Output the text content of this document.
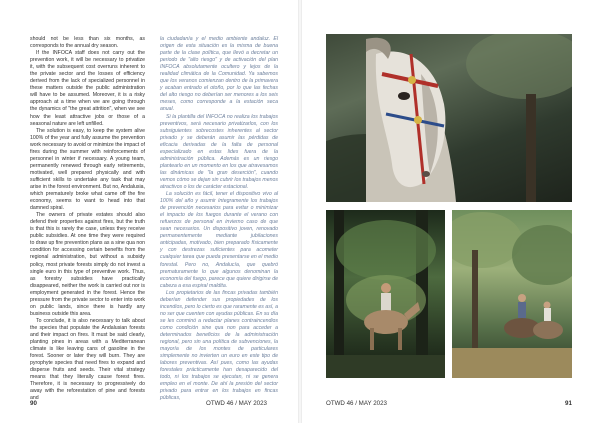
should not be less than six months, as corresponds to the annual dry season.

If the INFOCA staff does not carry out the prevention work, it will be necessary to privatize it, with the subsequent cost overruns inherent to the private sector and the losses of efficiency derived from the lack of specialized personnel in these matters outside the public administration will have to be assumed. Moreover, it is a risky approach at a time when we are going through the dynamics of "the great attrition", when we see how the least attractive jobs or those of a seasonal nature are left unfilled.

The solution is easy, to keep the system alive 100% of the year and fully assume the prevention work necessary to avoid or minimize the impact of fires during the summer with reinforcements of personnel in winter if necessary. A young team, permanently renewed through early retirements, motivated, well prepared physically and with sufficient skills to undertake any task that may arise in the forest environment. But no, Andalusia, which prematurely broke what came off the fire economy, seems to want to head into that damned spiral.

The owners of private estates should also defend their properties against fires, but the truth is that this is rarely the case, unless they receive public subsidies. At one time they were required to draw up fire prevention plans as a sine qua non condition for accessing certain benefits from the regional administration, but without a subsidy policy, most private forests simply do not invest a single euro in this type of preventive work. Thus, as forestry subsidies have practically disappeared, neither the work is carried out nor is employment generated in the forest. Hence the pressure from the private sector to enter into work on public lands, since there is hardly any business outside this area.

To conclude, it is also necessary to talk about the species that populate the Andalusian forests and their impact on fires. It must be said clearly, planting pines in areas with a Mediterranean climate is like leaving cans of gasoline in the forest. Sooner or later they will burn. They are pyrophyte species that need fires to expand and disperse fruits and seeds. Their vital strategy means that they literally cause forest fires. Therefore, it is necessary to progressively do away with the reforestation of pine and forests and

la ciudadanía y el medio ambiente andaluz. El origen de esta situación es la misma de buena parte de la clase política, que llevó a decretar un periodo de "alto riesgo" y de activación del plan INFOCA absolutamente ocultero y lejos de la realidad climática de la Comunidad. Ya sabemos que los veranos comienzan dentro de la primavera y acaban entrado el otoño, por lo que las fechas del alto riesgo no deberían ser menores a los seis meses, como corresponde a la estación seca anual.

Si la plantilla del INFOCA no realiza los trabajos preventivos, será necesario privatizarlos, con los subsiguientes sobrecostes inherentes al sector privado y se deberán asumir las pérdidas de eficacia derivadas de la falta de personal especializado en estas lides fuera de la administración pública. Además es un riesgo plantearlo en un momento en los que atravesamos las dinámicas de "la gran deserción", cuando vemos cómo se dejan sin cubrir los trabajos menos atractivos o los de carácter estacional.

La solución es fácil, tener el dispositivo vivo al 100% del año y asumir íntegramente los trabajos de prevención necesarios para evitar o minimizar el impacto de los fuegos durante el verano con refuerzos de personal en invierno caso de que sean necesarios. Un dispositivo joven, renovado permanentemente mediante jubilaciones anticipadas, motivado, bien preparado físicamente y con destrezas suficientes para acometer cualquier tarea que pueda presentarse en el medio forestal. Pero no, Andalucía, que quebró prematuramente lo que algunos denominan la economía del fuego, parece que quiere dirigirse de cabeza a esa espiral maldita.

Los propietarios de las fincas privadas también deberían defender sus propiedades de los incendios, pero lo cierto es que raramente es así, a no ser que cuenten con ayudas públicas. En su día se les conminó a redactar planes contraincendios como condición sine qua non para acceder a determinados beneficios de la administración regional, pero sin una política de subvenciones, la mayoría de los montes de particulares simplemente no invierten un euro en este tipo de labores preventivas. Así pues, como las ayudas forestales prácticamente han desaparecido del todo, ni los trabajos se ejecutan, ni se genera empleo en el monte. De ahí la presión del sector privado para entrar en los trabajos en fincas públicas,

90	OTWD 46 / MAY 2023	OTWD 46 / MAY 2023	91
